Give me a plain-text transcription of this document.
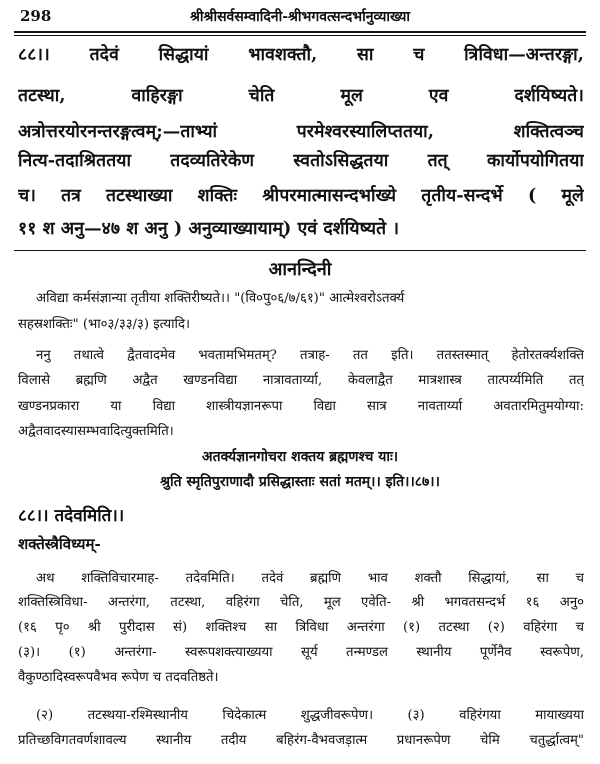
298	श्रीश्रीसर्वसम्वादिनी-श्रीभगवत्सन्दर्भानुव्याख्या
८८।। तदेवं सिद्धायां भावशक्तौ, सा च त्रिविधा—अन्तरङ्गा,
तटस्था, वाहिरङ्गा चेति मूल एव दर्शयिष्यते।
अत्रोत्तरयोरनन्तरङ्गत्वम्;—ताभ्यां परमेश्वरस्यालिप्ततया, शक्तित्वञ्च
नित्य-तदाश्रिततया तदव्यतिरेकेण स्वतोऽसिद्धतया तत् कार्योपयोगितया
च। तत्र तटस्थाख्या शक्तिः श्रीपरमात्मासन्दर्भाख्ये तृतीय-सन्दर्भे ( मूले
११ श अनु—४७ श अनु ) अनुव्याख्यायाम्) एवं दर्शयिष्यते ।
आनन्दिनी
अविद्या कर्मसंज्ञान्या तृतीया शक्तिरीष्यते।। "(वि०पु०६/७/६१)" आत्मेश्वरोऽतर्क्य
सहस्रशक्तिः" (भा०३/३३/३) इत्यादि।
ननु तथात्वे द्वैतवादमेव भवतामभिमतम्? तत्राह- तत इति। ततस्तस्मात् हेतोरतर्क्यशक्ति
विलासे ब्रह्मणि अद्वैत खण्डनविद्या नात्रावतार्य्या, केवलाद्वैत मात्रशास्त्र तात्पर्य्यमिति तत्
खण्डनप्रकारा या विद्या शास्त्रीयज्ञानरूपा विद्या सात्र नावतार्य्या अवतारमितुमयोग्या:
अद्वैतवादस्यासम्भवादित्युक्तमिति।
अतर्क्यज्ञानगोचरा शक्तय ब्रह्मणश्च याः।
श्रुति स्मृतिपुराणादौ प्रसिद्धास्ताः सतां मतम्।। इति।।८७।।
८८।। तदेवमिति।।
शक्तेस्त्रैविध्यम्-
अथ शक्तिविचारमाह- तदेवमिति। तदेवं ब्रह्मणि भाव शक्तौ सिद्धायां, सा च
शक्तिस्त्रिविधा- अन्तरंगा, तटस्था, वहिरंगा चेति, मूल एवेति- श्री भगवतसन्दर्भ १६ अनु०
(१६ पृ० श्री पुरीदास सं) शक्तिश्च सा त्रिविधा अन्तरंगा (१) तटस्था (२) वहिरंगा च
(३)। (१) अन्तरंगा- स्वरूपशक्त्याख्यया सूर्य तन्मण्डल स्थानीय पूर्णेनैव स्वरूपेण,
वैकुण्ठादिस्वरूपवैभव रूपेण च तदवतिष्ठते।
(२) तटस्थया-रश्मिस्थानीय चिदेकात्म शुद्धजीवरूपेण। (३) वहिरंगया मायाख्यया
प्रतिच्छविगतवर्णशावल्य स्थानीय तदीय बहिरंग-वैभवजड़ात्म प्रधानरूपेण चेमि चतुर्द्धात्वम्"
